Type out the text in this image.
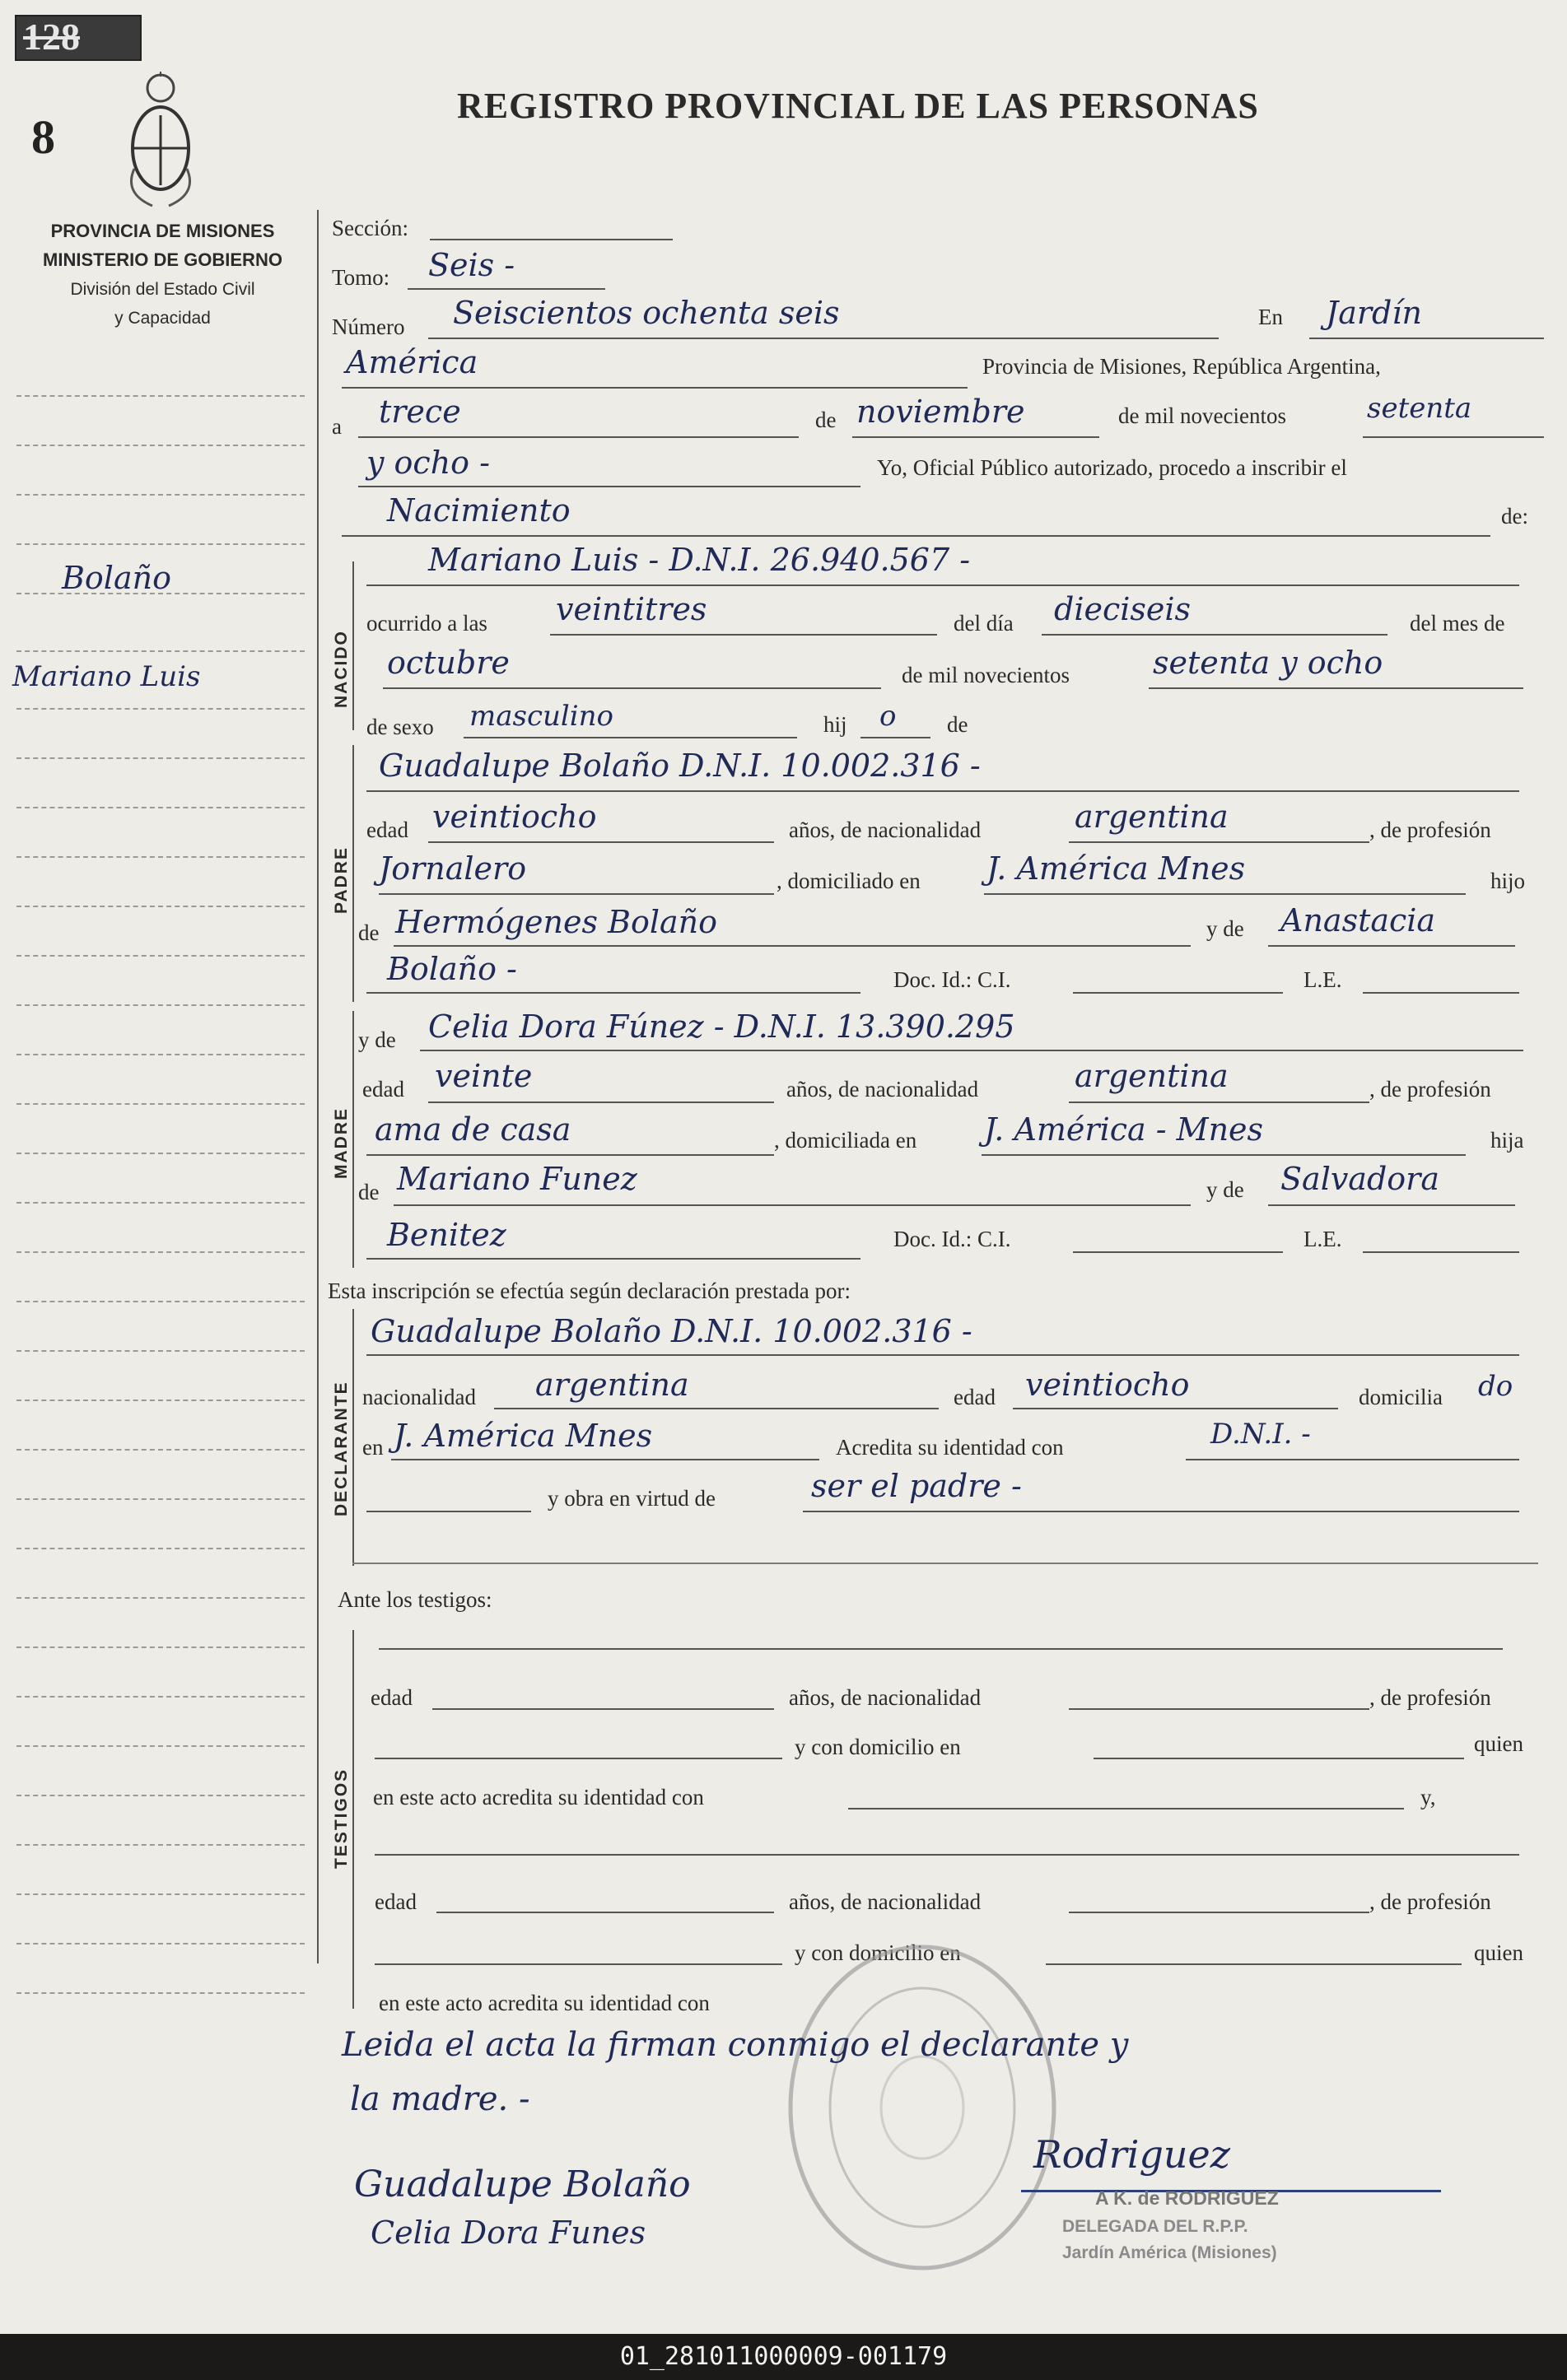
128
8
REGISTRO PROVINCIAL DE LAS PERSONAS
PROVINCIA DE MISIONES
MINISTERIO DE GOBIERNO
División del Estado Civil
y Capacidad
Bolaño
Mariano Luis
Sección:
Tomo: Seis -
Número Seiscientos ochenta seis	En Jardín
América	Provincia de Misiones, República Argentina,
a trece	de noviembre	de mil novecientos	setenta
y ocho -	Yo, Oficial Público autorizado, procedo a inscribir el
Nacimiento	de:
NACIDO
Mariano Luis - D.N.I. 26.940.567 -
ocurrido a las veintitres	del día dieciseis	del mes de
octubre	de mil novecientos	setenta y ocho
de sexo masculino	hij o de
PADRE
Guadalupe Bolaño D.N.I. 10.002.316 -
edad veintiocho	años, de nacionalidad	argentina	, de profesión
Jornalero	, domiciliado en J. América Mnes	hijo
de Hermógenes Bolaño	y de Anastacia
Bolaño -	Doc. Id.: C.I.	L.E.
MADRE
y de Celia Dora Fúnez - D.N.I. 13.390.295
edad veinte	años, de nacionalidad	argentina	, de profesión
ama de casa	, domiciliada en J. América - Mnes	hija
de Mariano Funez	y de Salvadora
Benitez	Doc. Id.: C.I.	L.E.
Esta inscripción se efectúa según declaración prestada por:
DECLARANTE
Guadalupe Bolaño D.N.I. 10.002.316 -
nacionalidad argentina	edad veintiocho	domicilia do
en J. América Mnes	Acredita su identidad con	D.N.I. -
y obra en virtud de	ser el padre -
Ante los testigos:
TESTIGOS
edad	años, de nacionalidad	, de profesión
y con domicilio en	quien
en este acto acredita su identidad con	y,
edad	años, de nacionalidad	, de profesión
y con domicilio en	quien
en este acto acredita su identidad con
Leida el acta la firman conmigo el declarante y
la madre. -
Guadalupe Bolaño
Celia Dora Funes
Rodriguez
A K. de RODRIGUEZ
DELEGADA DEL R.P.P.
Jardín América (Misiones)
01_281011000009-001179
